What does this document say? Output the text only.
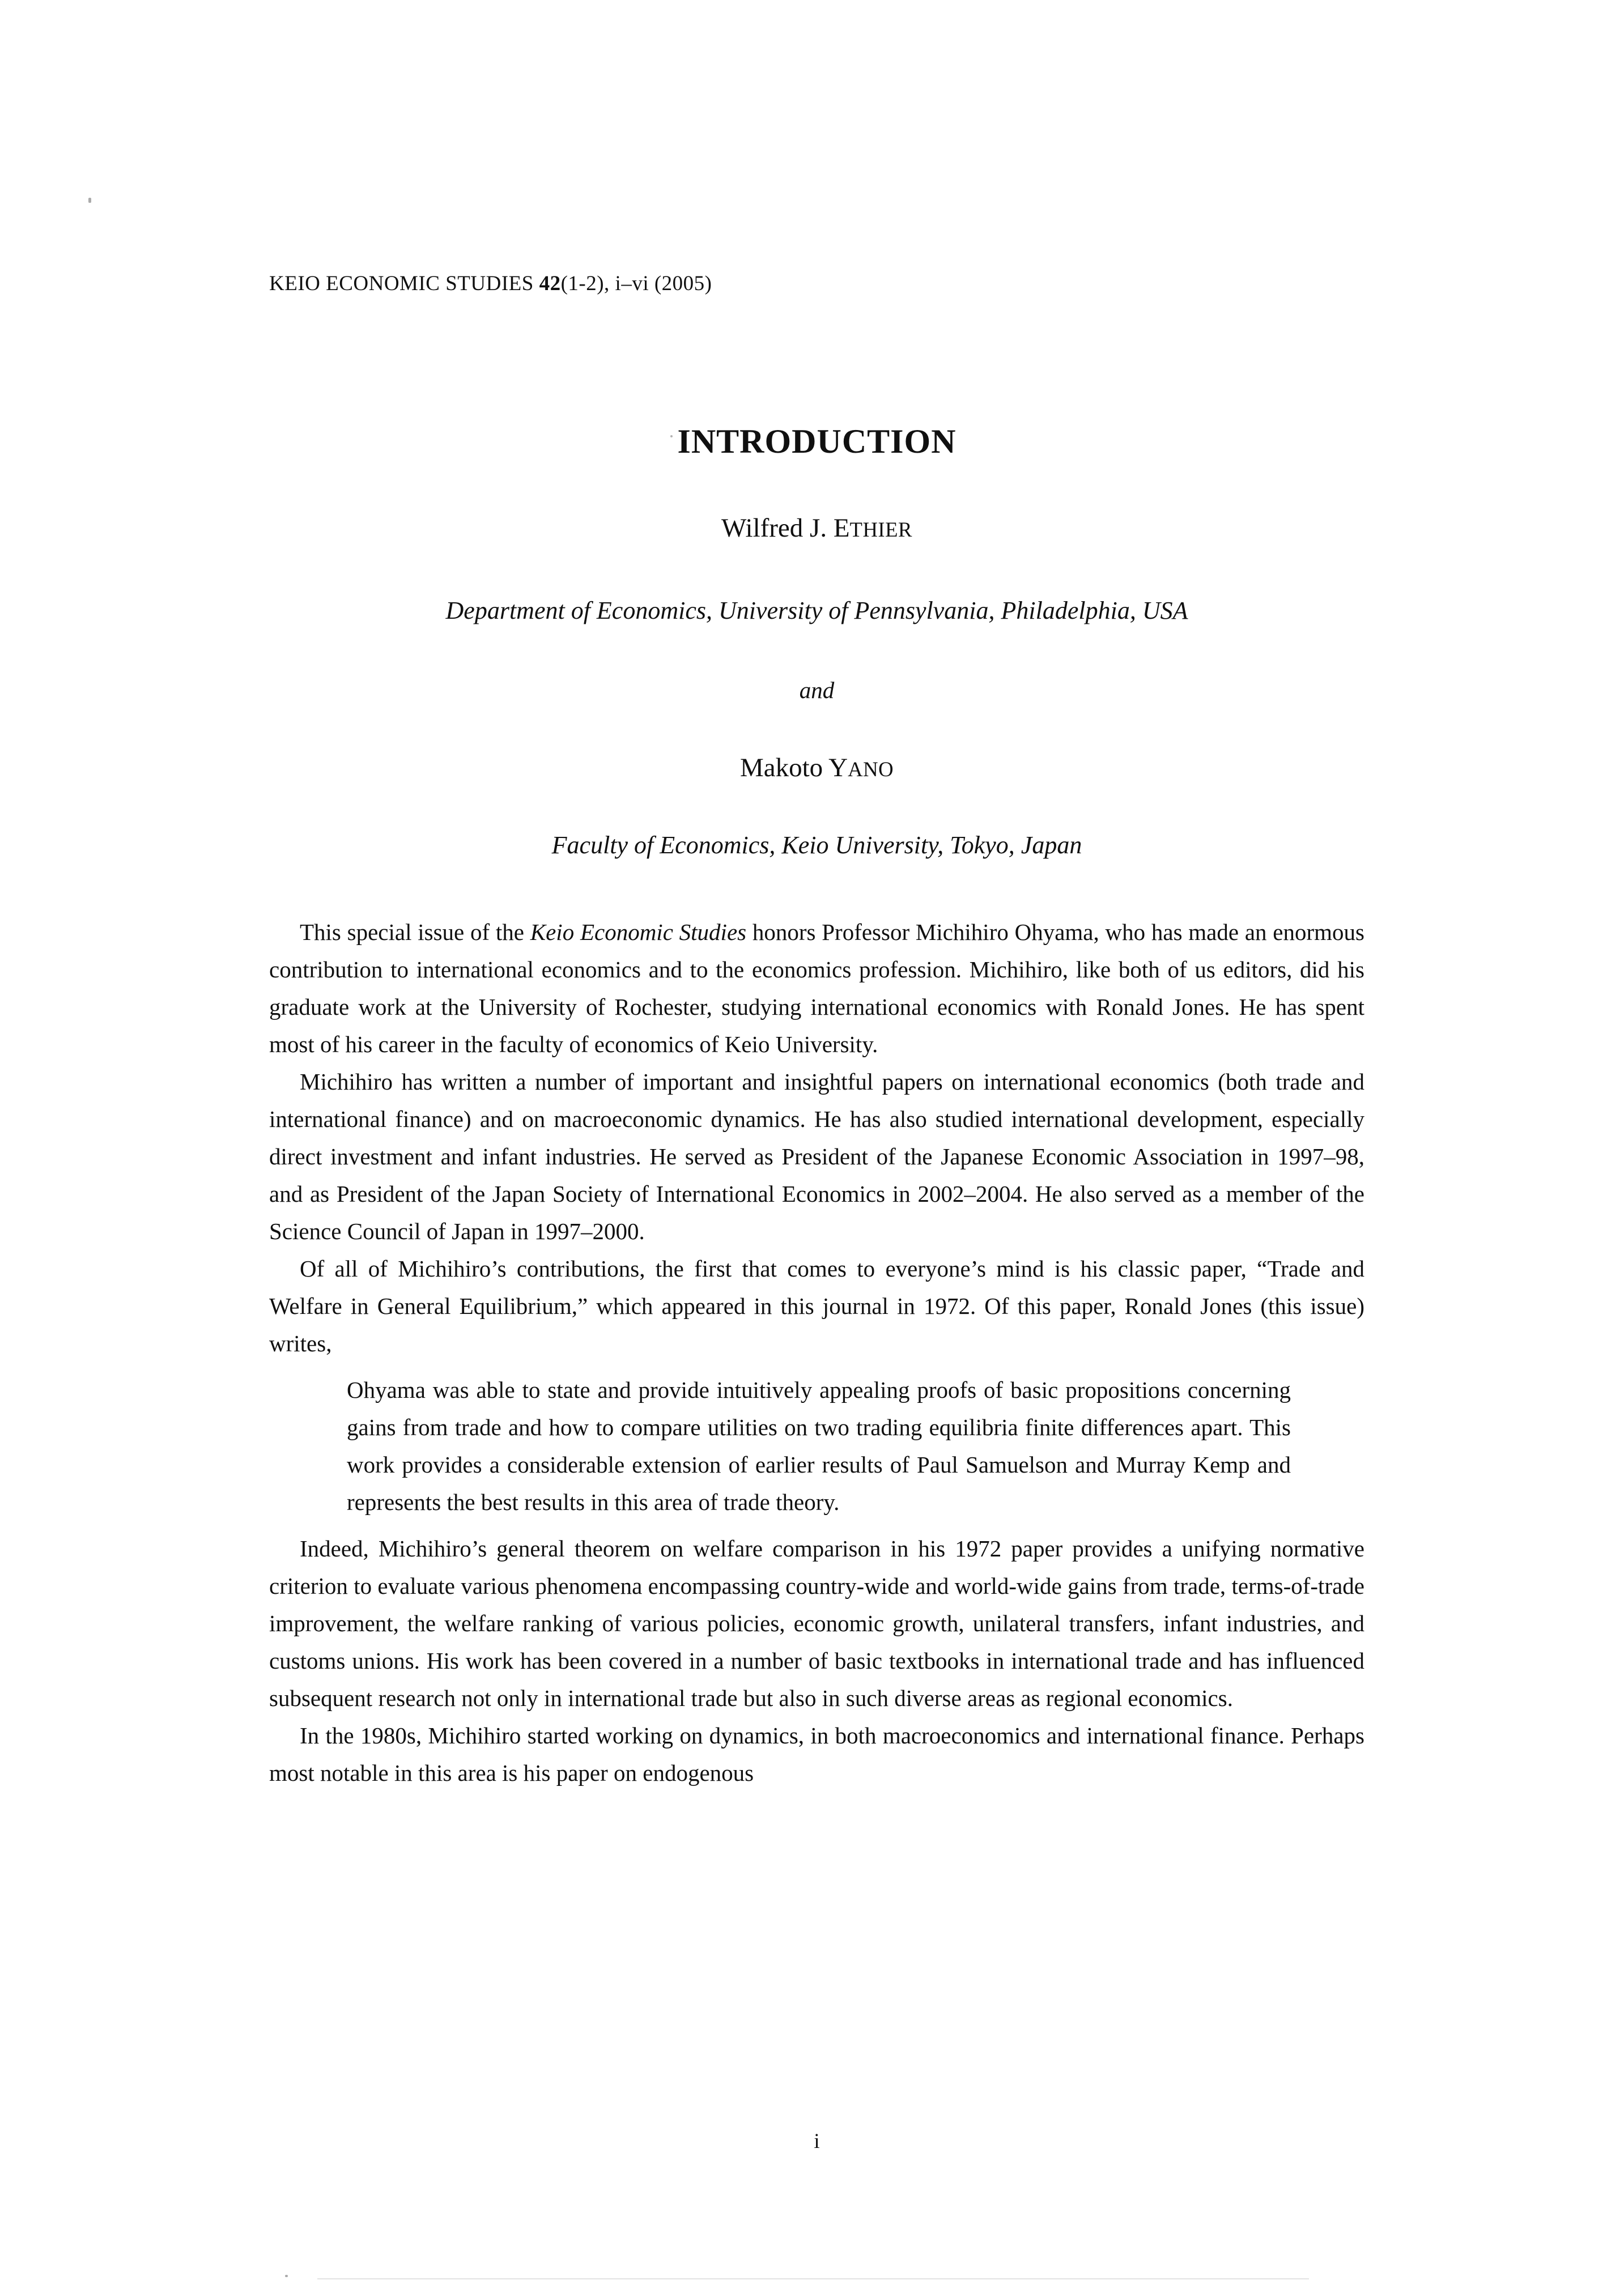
KEIO ECONOMIC STUDIES 42(1-2), i–vi (2005)
INTRODUCTION
Wilfred J. ETHIER
Department of Economics, University of Pennsylvania, Philadelphia, USA
and
Makoto YANO
Faculty of Economics, Keio University, Tokyo, Japan

This special issue of the Keio Economic Studies honors Professor Michihiro Ohyama, who has made an enormous contribution to international economics and to the economics profession. Michihiro, like both of us editors, did his graduate work at the University of Rochester, studying international economics with Ronald Jones. He has spent most of his career in the faculty of economics of Keio University.

Michihiro has written a number of important and insightful papers on international economics (both trade and international finance) and on macroeconomic dynamics. He has also studied international development, especially direct investment and infant industries. He served as President of the Japanese Economic Association in 1997–98, and as President of the Japan Society of International Economics in 2002–2004. He also served as a member of the Science Council of Japan in 1997–2000.

Of all of Michihiro’s contributions, the first that comes to everyone’s mind is his classic paper, “Trade and Welfare in General Equilibrium,” which appeared in this journal in 1972. Of this paper, Ronald Jones (this issue) writes,

Ohyama was able to state and provide intuitively appealing proofs of basic propositions concerning gains from trade and how to compare utilities on two trading equilibria finite differences apart. This work provides a considerable extension of earlier results of Paul Samuelson and Murray Kemp and represents the best results in this area of trade theory.

Indeed, Michihiro’s general theorem on welfare comparison in his 1972 paper provides a unifying normative criterion to evaluate various phenomena encompassing country-wide and world-wide gains from trade, terms-of-trade improvement, the welfare ranking of various policies, economic growth, unilateral transfers, infant industries, and customs unions. His work has been covered in a number of basic textbooks in international trade and has influenced subsequent research not only in international trade but also in such diverse areas as regional economics.

In the 1980s, Michihiro started working on dynamics, in both macroeconomics and international finance. Perhaps most notable in this area is his paper on endogenous

i
